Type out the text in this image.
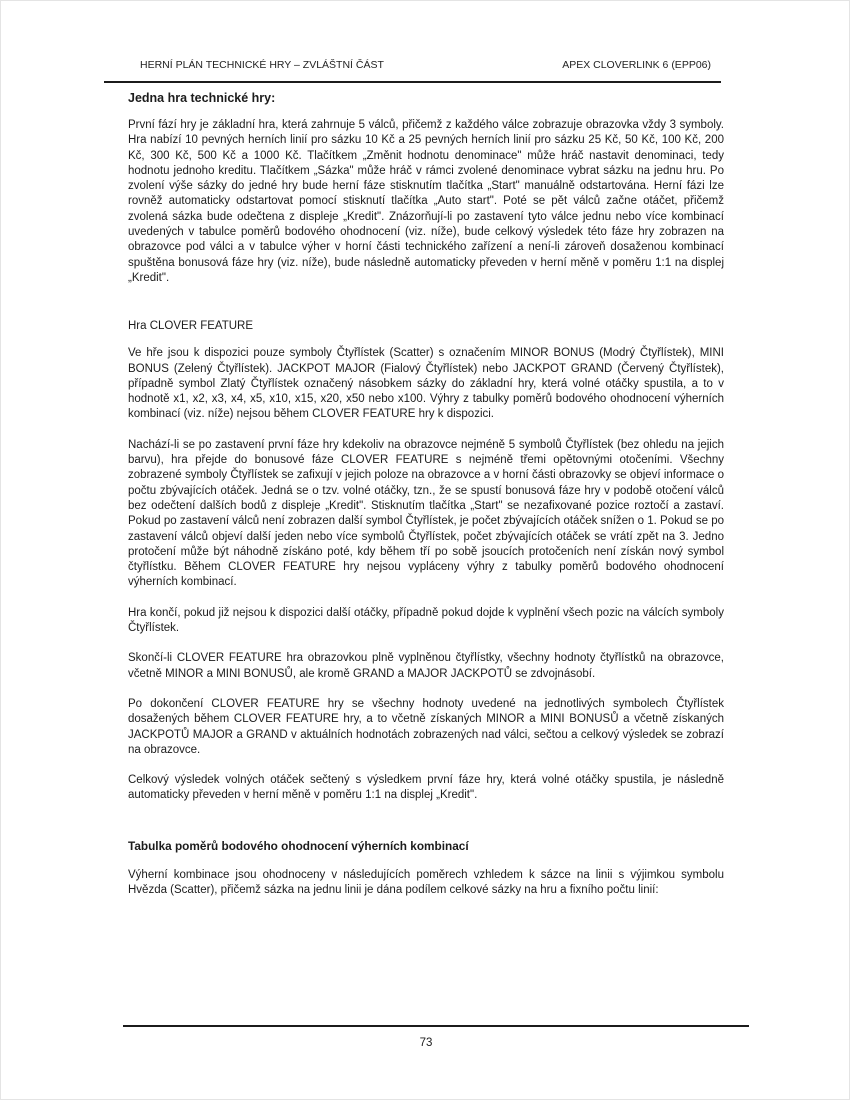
HERNÍ PLÁN TECHNICKÉ HRY – ZVLÁŠTNÍ ČÁST	APEX CLOVERLINK 6 (EPP06)
Jedna hra technické hry:

První fází hry je základní hra, která zahrnuje 5 válců, přičemž z každého válce zobrazuje obrazovka vždy 3 symboly. Hra nabízí 10 pevných herních linií pro sázku 10 Kč a 25 pevných herních linií pro sázku 25 Kč, 50 Kč, 100 Kč, 200 Kč, 300 Kč, 500 Kč a 1000 Kč. Tlačítkem „Změnit hodnotu denominace" může hráč nastavit denominaci, tedy hodnotu jednoho kreditu. Tlačítkem „Sázka" může hráč v rámci zvolené denominace vybrat sázku na jednu hru. Po zvolení výše sázky do jedné hry bude herní fáze stisknutím tlačítka „Start" manuálně odstartována. Herní fázi lze rovněž automaticky odstartovat pomocí stisknutí tlačítka „Auto start". Poté se pět válců začne otáčet, přičemž zvolená sázka bude odečtena z displeje „Kredit". Znázorňují-li po zastavení tyto válce jednu nebo více kombinací uvedených v tabulce poměrů bodového ohodnocení (viz. níže), bude celkový výsledek této fáze hry zobrazen na obrazovce pod válci a v tabulce výher v horní části technického zařízení a není-li zároveň dosaženou kombinací spuštěna bonusová fáze hry (viz. níže), bude následně automaticky převeden v herní měně v poměru 1:1 na displej „Kredit".

Hra CLOVER FEATURE

Ve hře jsou k dispozici pouze symboly Čtyřlístek (Scatter) s označením MINOR BONUS (Modrý Čtyřlístek), MINI BONUS (Zelený Čtyřlístek). JACKPOT MAJOR (Fialový Čtyřlístek) nebo JACKPOT GRAND (Červený Čtyřlístek), případně symbol Zlatý Čtyřlístek označený násobkem sázky do základní hry, která volné otáčky spustila, a to v hodnotě x1, x2, x3, x4, x5, x10, x15, x20, x50 nebo x100. Výhry z tabulky poměrů bodového ohodnocení výherních kombinací (viz. níže) nejsou během CLOVER FEATURE hry k dispozici.

Nachází-li se po zastavení první fáze hry kdekoliv na obrazovce nejméně 5 symbolů Čtyřlístek (bez ohledu na jejich barvu), hra přejde do bonusové fáze CLOVER FEATURE s nejméně třemi opětovnými otočeními. Všechny zobrazené symboly Čtyřlístek se zafixují v jejich poloze na obrazovce a v horní části obrazovky se objeví informace o počtu zbývajících otáček. Jedná se o tzv. volné otáčky, tzn., že se spustí bonusová fáze hry v podobě otočení válců bez odečtení dalších bodů z displeje „Kredit". Stisknutím tlačítka „Start" se nezafixované pozice roztočí a zastaví. Pokud po zastavení válců není zobrazen další symbol Čtyřlístek, je počet zbývajících otáček snížen o 1. Pokud se po zastavení válců objeví další jeden nebo více symbolů Čtyřlístek, počet zbývajících otáček se vrátí zpět na 3. Jedno protočení může být náhodně získáno poté, kdy během tří po sobě jsoucích protočeních není získán nový symbol čtyřlístku. Během CLOVER FEATURE hry nejsou vypláceny výhry z tabulky poměrů bodového ohodnocení výherních kombinací.

Hra končí, pokud již nejsou k dispozici další otáčky, případně pokud dojde k vyplnění všech pozic na válcích symboly Čtyřlístek.

Skončí-li CLOVER FEATURE hra obrazovkou plně vyplněnou čtyřlístky, všechny hodnoty čtyřlístků na obrazovce, včetně MINOR a MINI BONUSŮ, ale kromě GRAND a MAJOR JACKPOTŮ se zdvojnásobí.

Po dokončení CLOVER FEATURE hry se všechny hodnoty uvedené na jednotlivých symbolech Čtyřlístek dosažených během CLOVER FEATURE hry, a to včetně získaných MINOR a MINI BONUSŮ a včetně získaných JACKPOTŮ MAJOR a GRAND v aktuálních hodnotách zobrazených nad válci, sečtou a celkový výsledek se zobrazí na obrazovce.

Celkový výsledek volných otáček sečtený s výsledkem první fáze hry, která volné otáčky spustila, je následně automaticky převeden v herní měně v poměru 1:1 na displej „Kredit".

Tabulka poměrů bodového ohodnocení výherních kombinací

Výherní kombinace jsou ohodnoceny v následujících poměrech vzhledem k sázce na linii s výjimkou symbolu Hvězda (Scatter), přičemž sázka na jednu linii je dána podílem celkové sázky na hru a fixního počtu linií:

73
